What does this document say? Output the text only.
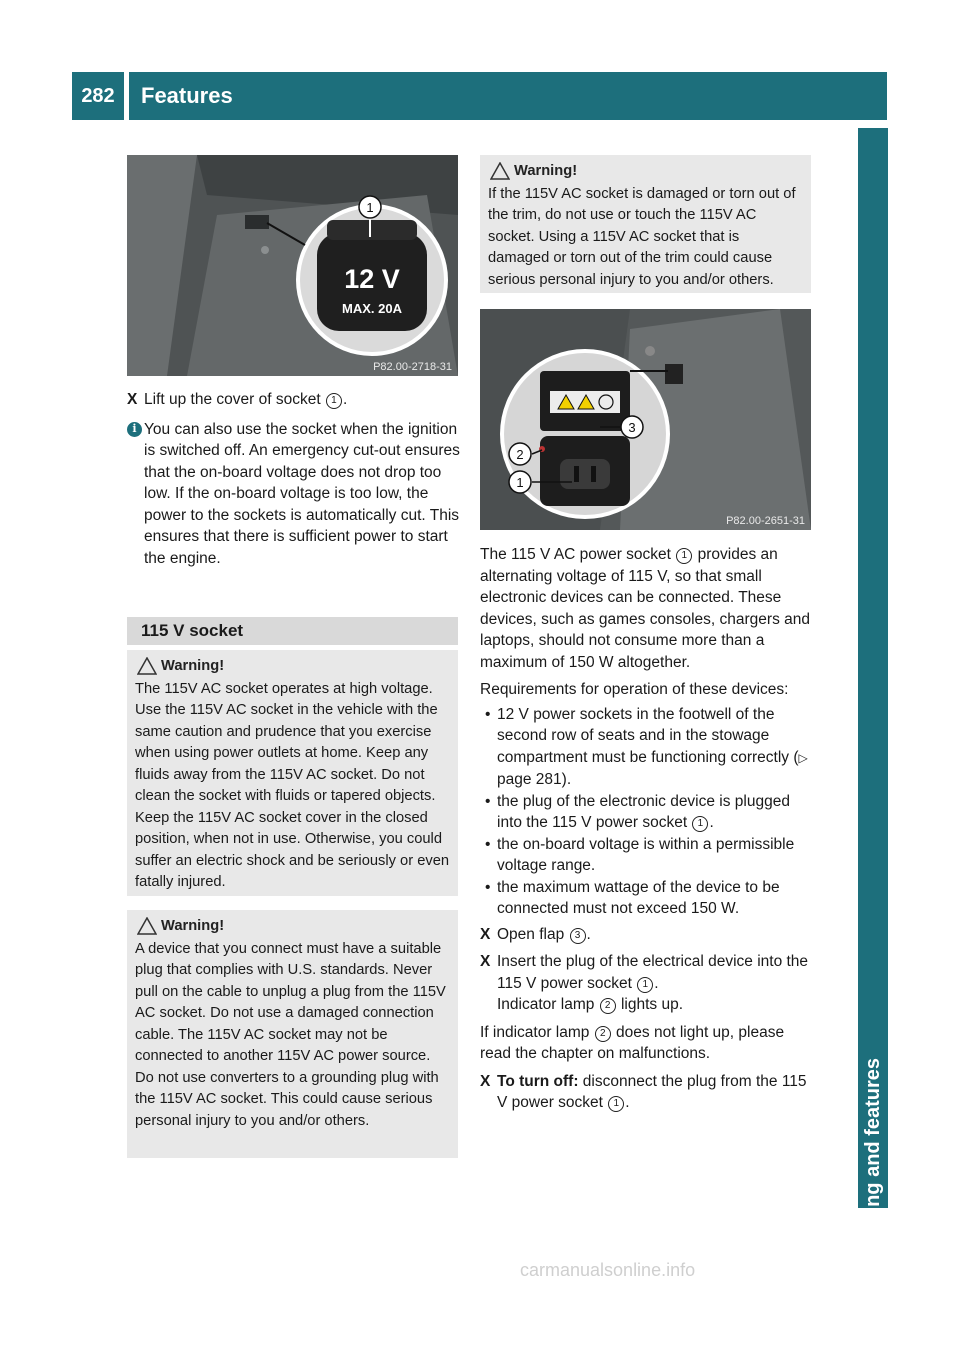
282	Features
Loading, stowing and features
1
12 V
MAX. 20A
P82.00-2718-31
X Lift up the cover of socket 1 .
i You can also use the socket when the ignition is switched off. An emergency cut-out ensures that the on-board voltage does not drop too low. If the on-board voltage is too low, the power to the sockets is automatically cut. This ensures that there is sufficient power to start the engine.
115 V socket
Warning!
The 115V AC socket operates at high voltage. Use the 115V AC socket in the vehicle with the same caution and prudence that you exercise when using power outlets at home. Keep any fluids away from the 115V AC socket. Do not clean the socket with fluids or tapered objects. Keep the 115V AC socket cover in the closed position, when not in use. Otherwise, you could suffer an electric shock and be seriously or even fatally injured.
Warning!
A device that you connect must have a suitable plug that complies with U.S. standards. Never pull on the cable to unplug a plug from the 115V AC socket. Do not use a damaged connection cable. The 115V AC socket may not be connected to another 115V AC power source. Do not use converters to a grounding plug with the 115V AC socket. This could cause serious personal injury to you and/or others.
Warning!
If the 115V AC socket is damaged or torn out of the trim, do not use or touch the 115V AC socket. Using a 115V AC socket that is damaged or torn out of the trim could cause serious personal injury to you and/or others.
1
2
3
P82.00-2651-31
The 115 V AC power socket 1 provides an alternating voltage of 115 V, so that small electronic devices can be connected. These devices, such as games consoles, chargers and laptops, should not consume more than a maximum of 150 W altogether.
Requirements for operation of these devices:
• 12 V power sockets in the footwell of the second row of seats and in the stowage compartment must be functioning correctly (▷ page 281).
• the plug of the electronic device is plugged into the 115 V power socket 1 .
• the on-board voltage is within a permissible voltage range.
• the maximum wattage of the device to be connected must not exceed 150 W.
X Open flap 3 .
X Insert the plug of the electrical device into the 115 V power socket 1 .
Indicator lamp 2 lights up.
If indicator lamp 2 does not light up, please read the chapter on malfunctions.
X To turn off: disconnect the plug from the 115 V power socket 1 .
carmanualsonline.info
